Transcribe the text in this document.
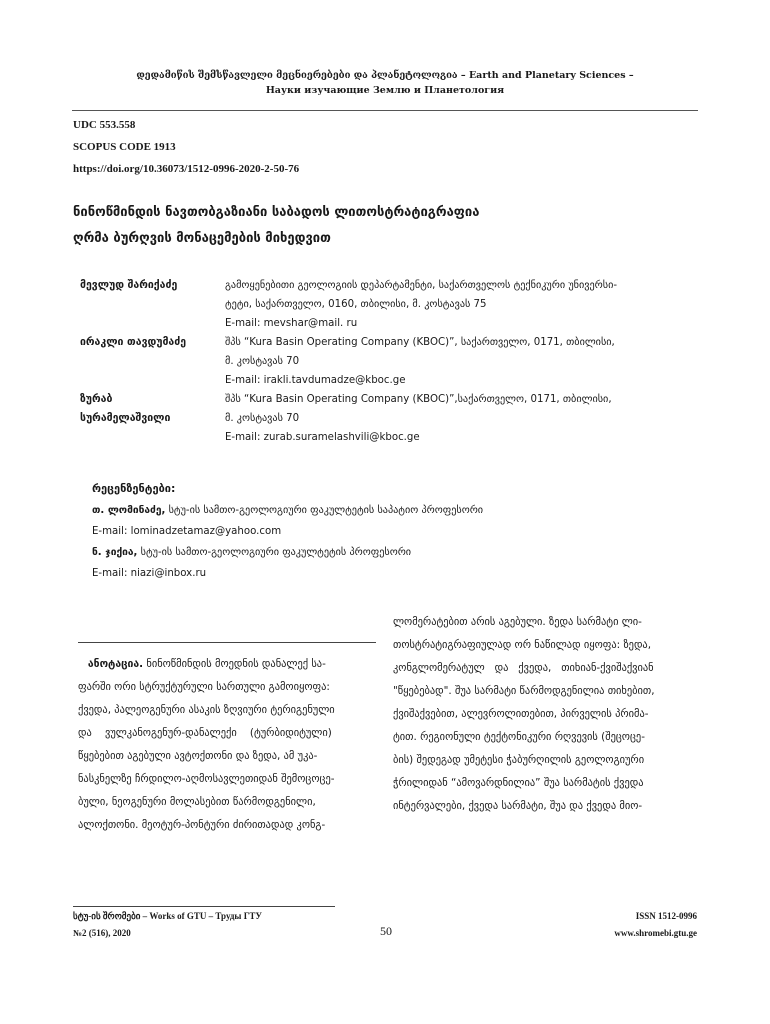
დედამიწის შემსწავლელი მეცნიერებები და პლანეტოლოგია – Earth and Planetary Sciences –
Науки изучающие Землю и Планетология
UDC 553.558
SCOPUS CODE 1913
https://doi.org/10.36073/1512-0996-2020-2-50-76
ნინოწმინდის ნავთობგაზიანი საბადოს ლითოსტრატიგრაფია
ღრმა ბურღვის მონაცემების მიხედვით
მევლუდ შარიქაძე	გამოყენებითი გეოლოგიის დეპარტამენტი, საქართველოს ტექნიკური უნივერსი-
ტეტი, საქართველო, 0160, თბილისი, მ. კოსტავას 75
E-mail: mevshar@mail. ru
ირაკლი თავდუმაძე	შპს “Kura Basin Operating Company (KBOC)”, საქართველო, 0171, თბილისი,
მ. კოსტავას 70
E-mail: irakli.tavdumadze@kboc.ge
ზურაბ
სურამელაშვილი
შპს “Kura Basin Operating Company (KBOC)”,საქართველო, 0171, თბილისი,
მ. კოსტავას 70
E-mail: zurab.suramelashvili@kboc.ge
რეცენზენტები:
თ. ლომინაძე, სტუ-ის სამთო-გეოლოგიური ფაკულტეტის საპატიო პროფესორი
E-mail: lominadzetamaz@yahoo.com
ნ. ჯიქია, სტუ-ის სამთო-გეოლოგიური ფაკულტეტის პროფესორი
E-mail: niazi@inbox.ru

ანოტაცია. ნინოწმინდის მოედნის დანალექ სა-

ფარში ორი სტრუქტურული სართული გამოიყოფა:

ქვედა, პალეოგენური ასაკის ზღვიური ტერიგენული

და    ვულკანოგენურ-დანალექი    (ტურბიდიტული)

წყებებით აგებული ავტოქთონი და ზედა, ამ უკა-

ნასკნელზე ჩრდილო-აღმოსავლეთიდან შემოცოცე-

ბული, ნეოგენური მოლასებით წარმოდგენილი,

ალოქთონი. მეოტურ-პონტური ძირითადად კონგ-

ლომერატებით არის აგებული. ზედა სარმატი ლი-

თოსტრატიგრაფიულად ორ ნაწილად იყოფა: ზედა,

კონგლომერატულ   და   ქვედა,   თიხიან-ქვიშაქვიან

"წყებებად". შუა სარმატი წარმოდგენილია თიხებით,

ქვიშაქვებით, ალევროლითებით, პირველის პრიმა-

ტით. რეგიონული ტექტონიკური რღვევის (შეცოცე-

ბის) შედეგად უმეტესი ჭაბურღილის გეოლოგიური

ჭრილიდან “ამოვარდნილია” შუა სარმატის ქვედა

ინტერვალები, ქვედა სარმატი, შუა და ქვედა მიო-

სტუ-ის შრომები – Works of GTU – Труды ГТУ
№2 (516), 2020	50
ISSN 1512-0996
www.shromebi.gtu.ge
